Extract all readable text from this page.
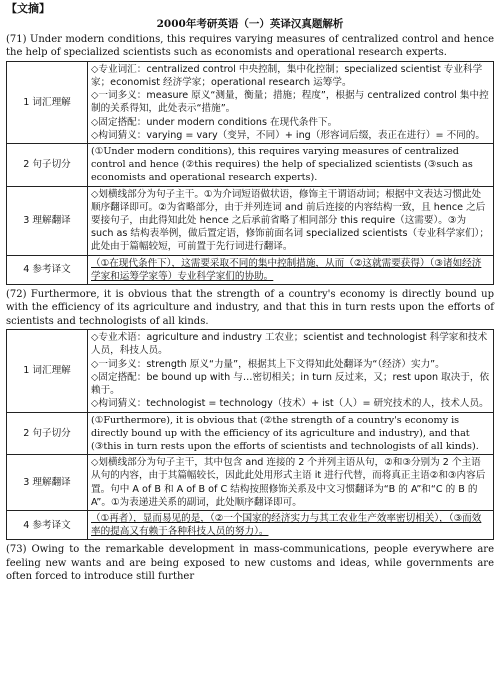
【文摘】
2000年考研英语（一）英译汉真题解析

(71) Under modern conditions, this requires varying measures of centralized control and hence the help of specialized scientists such as economists and operational research experts.

1 词汇理解	◇专业词汇：centralized control 中央控制，集中化控制；specialized scientist 专业科学家；economist 经济学家；operational research 运筹学。
◇一词多义：measure 原义“测量，衡量；措施；程度”，根据与 centralized control 集中控制的关系得知，此处表示“措施”。
◇固定搭配：under modern conditions 在现代条件下。
◇构词猜义：varying = vary（变异，不同）+ ing（形容词后缀，表正在进行）= 不同的。

2 句子切分	(①Under modern conditions), this requires varying measures of centralized control and hence (②this requires) the help of specialized scientists (③such as economists and operational research experts).

3 理解翻译	◇划横线部分为句子主干。①为介词短语做状语，修饰主干谓语动词；根据中文表达习惯此处顺序翻译即可。②为省略部分，由于并列连词 and 前后连接的内容结构一致，且 hence 之后要接句子，由此得知此处 hence 之后承前省略了相同部分 this require（这需要）。③为 such as 结构表举例，做后置定语，修饰前面名词 specialized scientists（专业科学家们）；此处由于篇幅较短，可前置于先行词进行翻译。

4 参考译文	（①在现代条件下），这需要采取不同的集中控制措施，从而（②这就需要获得）（③诸如经济学家和运筹学家等）专业科学家们的协助。

(72) Furthermore, it is obvious that the strength of a country's economy is directly bound up with the efficiency of its agriculture and industry, and that this in turn rests upon the efforts of scientists and technologists of all kinds.

1 词汇理解	◇专业术语：agriculture and industry 工农业；scientist and technologist 科学家和技术人员，科技人员。
◇一词多义：strength 原义“力量”，根据其上下文得知此处翻译为“（经济）实力”。
◇固定搭配：be bound up with 与…密切相关；in turn 反过来，又；rest upon 取决于，依赖于。
◇构词猜义：technologist = technology（技术）+ ist（人）= 研究技术的人，技术人员。

2 句子切分	(①Furthermore), it is obvious that (②the strength of a country's economy is directly bound up with the efficiency of its agriculture and industry), and that (③this in turn rests upon the efforts of scientists and technologists of all kinds).

3 理解翻译	◇划横线部分为句子主干，其中包含 and 连接的 2 个并列主语从句，②和③分别为 2 个主语从句的内容，由于其篇幅较长，因此此处用形式主语 it 进行代替，而将真正主语②和③内容后置。句中 A of B 和 A of B of C 结构按照修饰关系及中文习惯翻译为“B 的 A”和“C 的 B 的 A”。①为表递进关系的副词，此处顺序翻译即可。

4 参考译文	（①再者），显而易见的是，（②一个国家的经济实力与其工农业生产效率密切相关），（③而效率的提高又有赖于各种科技人员的努力）。

(73) Owing to the remarkable development in mass-communications, people everywhere are feeling new wants and are being exposed to new customs and ideas, while governments are often forced to introduce still further
